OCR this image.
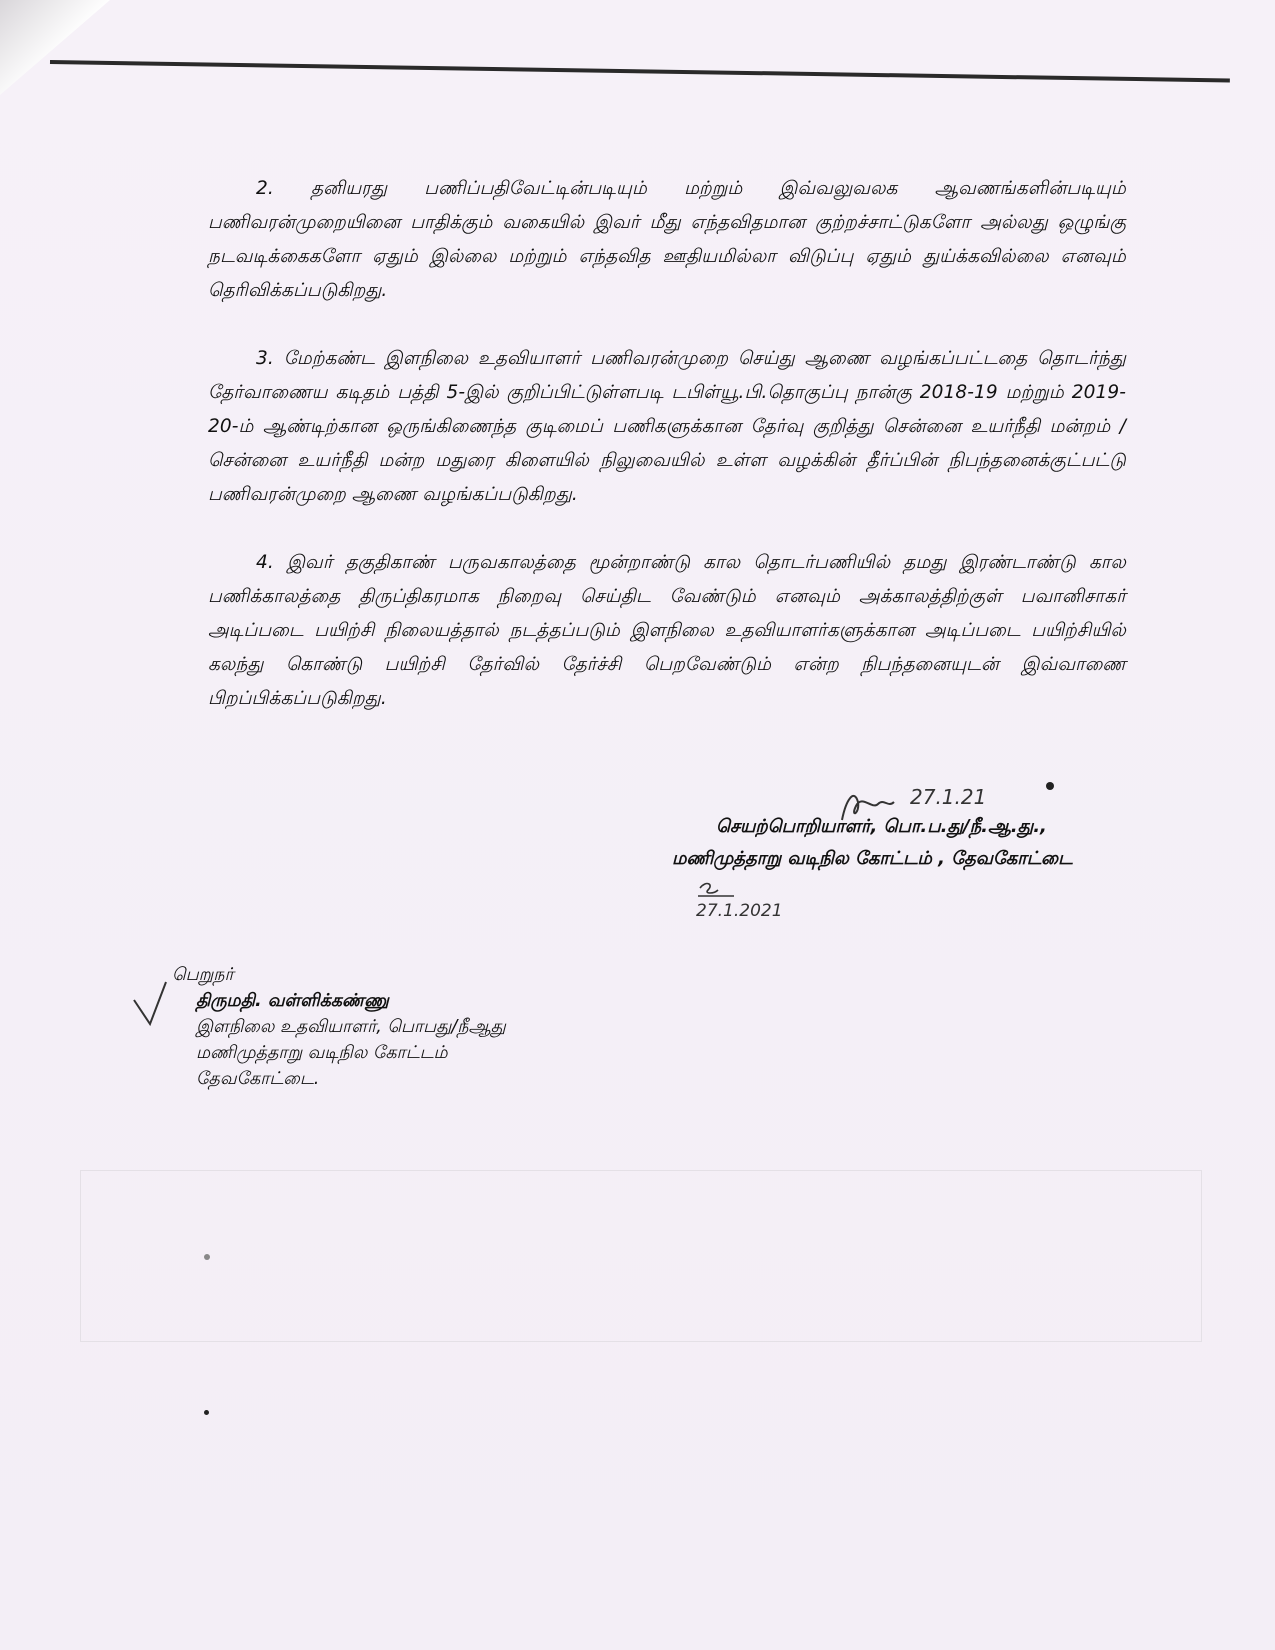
2. தனியரது பணிப்பதிவேட்டின்படியும் மற்றும் இவ்வலுவலக ஆவணங்களின்படியும் பணிவரன்முறையினை பாதிக்கும் வகையில் இவர் மீது எந்தவிதமான குற்றச்சாட்டுகளோ அல்லது ஒழுங்கு நடவடிக்கைகளோ ஏதும் இல்லை மற்றும் எந்தவித ஊதியமில்லா விடுப்பு ஏதும் துய்க்கவில்லை எனவும் தெரிவிக்கப்படுகிறது.

3. மேற்கண்ட இளநிலை உதவியாளர் பணிவரன்முறை செய்து ஆணை வழங்கப்பட்டதை தொடர்ந்து தேர்வாணைய கடிதம் பத்தி 5-இல் குறிப்பிட்டுள்ளபடி டபிள்யூ.பி.தொகுப்பு நான்கு 2018-19 மற்றும் 2019-20-ம் ஆண்டிற்கான ஒருங்கிணைந்த குடிமைப் பணிகளுக்கான தேர்வு குறித்து சென்னை உயர்நீதி மன்றம் / சென்னை உயர்நீதி மன்ற மதுரை கிளையில் நிலுவையில் உள்ள வழக்கின் தீர்ப்பின் நிபந்தனைக்குட்பட்டு பணிவரன்முறை ஆணை வழங்கப்படுகிறது.

4. இவர் தகுதிகாண் பருவகாலத்தை மூன்றாண்டு கால தொடர்பணியில் தமது இரண்டாண்டு கால பணிக்காலத்தை திருப்திகரமாக நிறைவு செய்திட வேண்டும் எனவும் அக்காலத்திற்குள் பவானிசாகர் அடிப்படை பயிற்சி நிலையத்தால் நடத்தப்படும் இளநிலை உதவியாளர்களுக்கான அடிப்படை பயிற்சியில் கலந்து கொண்டு பயிற்சி தேர்வில் தேர்ச்சி பெறவேண்டும் என்ற நிபந்தனையுடன் இவ்வாணை பிறப்பிக்கப்படுகிறது.

27.1.21
செயற்பொறியாளர், பொ.ப.து/நீ.ஆ.து.,
மணிமுத்தாறு வடிநில கோட்டம் , தேவகோட்டை
27.1.2021
பெறுநர்
திருமதி. வள்ளிக்கண்ணு
இளநிலை உதவியாளர், பொபது/நீஆது
மணிமுத்தாறு வடிநில கோட்டம்
தேவகோட்டை.
